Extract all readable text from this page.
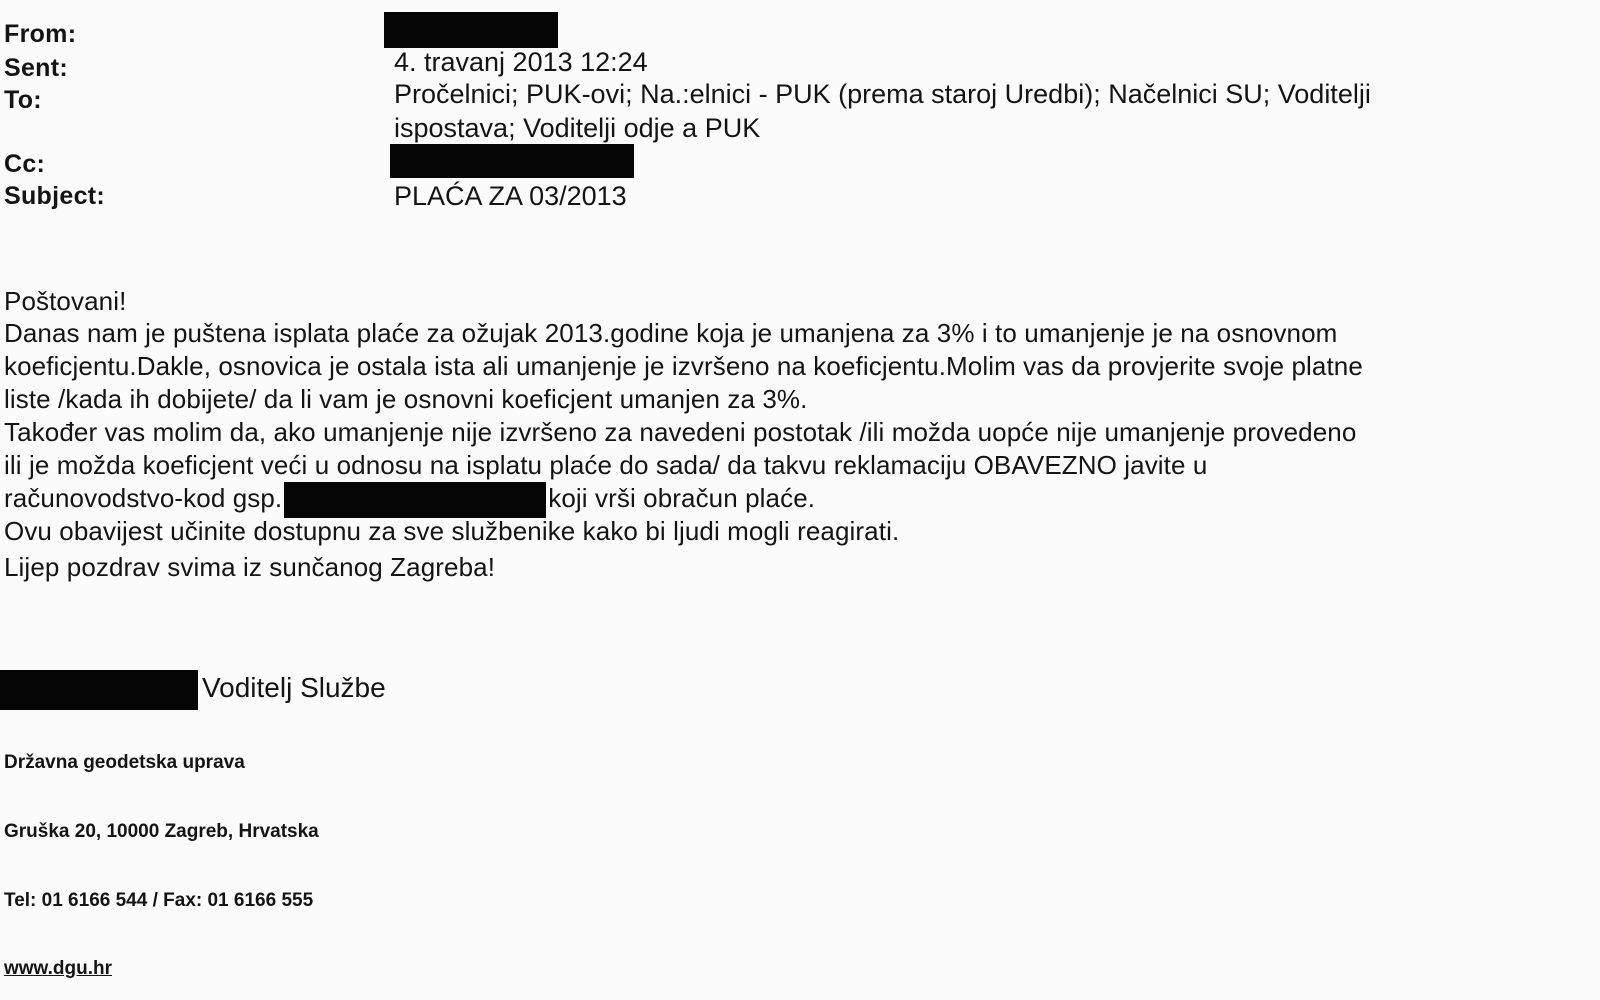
From:
Sent:
To:
Cc:
Subject:
4. travanj 2013 12:24
Pročelnici; PUK-ovi; Na.:elnici - PUK (prema staroj Uredbi); Načelnici SU; Voditelji
ispostava; Voditelji odje a PUK
PLAĆA ZA 03/2013
Poštovani!
Danas nam je puštena isplata plaće za ožujak 2013.godine koja je umanjena za 3% i to umanjenje je na osnovnom
koeficjentu.Dakle, osnovica je ostala ista ali umanjenje je izvršeno na koeficjentu.Molim vas da provjerite svoje platne
liste /kada ih dobijete/ da li vam je osnovni koeficjent umanjen za 3%.
Također vas molim da, ako umanjenje nije izvršeno za navedeni postotak /ili možda uopće nije umanjenje provedeno
ili je možda koeficjent veći u odnosu na isplatu plaće do sada/ da takvu reklamaciju OBAVEZNO javite u
računovodstvo-kod gsp.	koji vrši obračun plaće.
Ovu obavijest učinite dostupnu za sve službenike kako bi ljudi mogli reagirati.
Lijep pozdrav svima iz sunčanog Zagreba!
Voditelj Službe
Državna geodetska uprava
Gruška 20, 10000 Zagreb, Hrvatska
Tel: 01 6166 544 / Fax: 01 6166 555
www.dgu.hr
